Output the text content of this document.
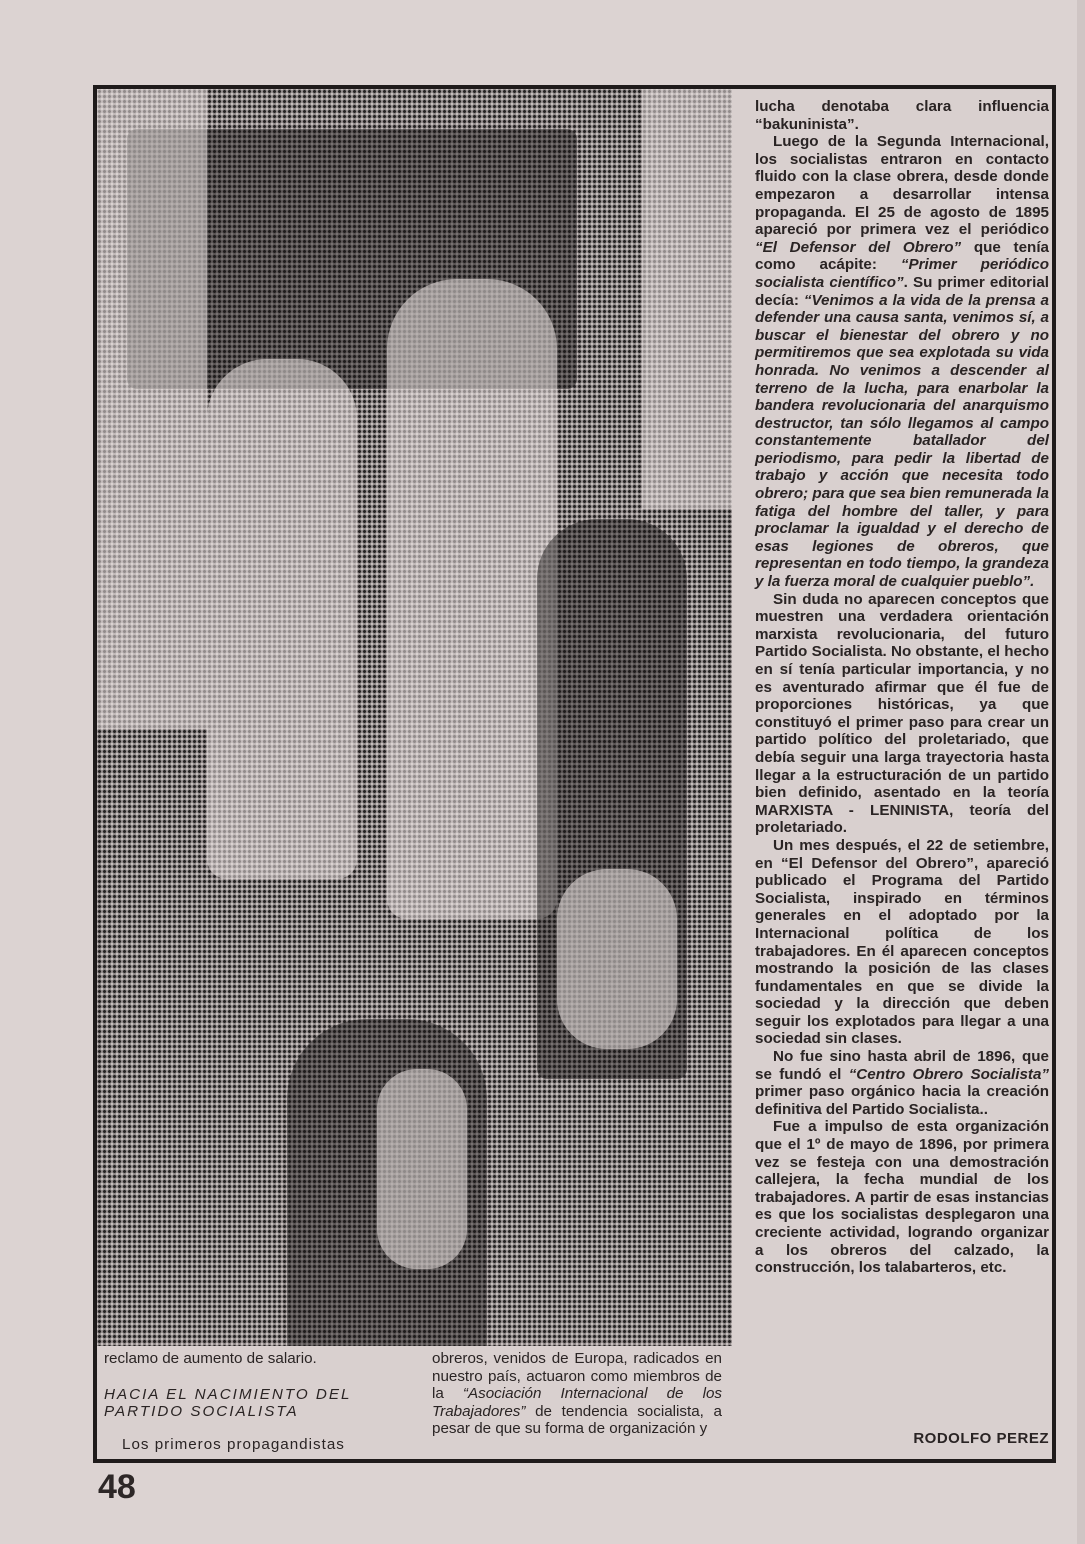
reclamo de aumento de salario.

HACIA EL NACIMIENTO DEL PARTIDO SOCIALISTA

Los primeros propagandistas

obreros, venidos de Europa, radicados en nuestro país, actuaron como miembros de la “Asociación Internacional de los Trabajadores” de tendencia socialista, a pesar de que su forma de organización y

lucha denotaba clara influencia “bakuninista”.

Luego de la Segunda Internacional, los socialistas entraron en contacto fluido con la clase obrera, desde donde empezaron a desarrollar intensa propaganda. El 25 de agosto de 1895 apareció por primera vez el periódico “El Defensor del Obrero” que tenía como acápite: “Primer periódico socialista científico”. Su primer editorial decía: “Venimos a la vida de la prensa a defender una causa santa, venimos sí, a buscar el bienestar del obrero y no permitiremos que sea explotada su vida honrada. No venimos a descender al terreno de la lucha, para enarbolar la bandera revolucionaria del anarquismo destructor, tan sólo llegamos al campo constantemente batallador del periodismo, para pedir la libertad de trabajo y acción que necesita todo obrero; para que sea bien remunerada la fatiga del hombre del taller, y para proclamar la igualdad y el derecho de esas legiones de obreros, que representan en todo tiempo, la grandeza y la fuerza moral de cualquier pueblo”.

Sin duda no aparecen conceptos que muestren una verdadera orientación marxista revolucionaria, del futuro Partido Socialista. No obstante, el hecho en sí tenía particular importancia, y no es aventurado afirmar que él fue de proporciones históricas, ya que constituyó el primer paso para crear un partido político del proletariado, que debía seguir una larga trayectoria hasta llegar a la estructuración de un partido bien definido, asentado en la teoría MARXISTA - LENINISTA, teoría del proletariado.

Un mes después, el 22 de setiembre, en “El Defensor del Obrero”, apareció publicado el Programa del Partido Socialista, inspirado en términos generales en el adoptado por la Internacional política de los trabajadores. En él aparecen conceptos mostrando la posición de las clases fundamentales en que se divide la sociedad y la dirección que deben seguir los explotados para llegar a una sociedad sin clases.

No fue sino hasta abril de 1896, que se fundó el “Centro Obrero Socialista” primer paso orgánico hacia la creación definitiva del Partido Socialista..

Fue a impulso de esta organización que el 1º de mayo de 1896, por primera vez se festeja con una demostración callejera, la fecha mundial de los trabajadores. A partir de esas instancias es que los socialistas desplegaron una creciente actividad, logrando organizar a los obreros del calzado, la construcción, los talabarteros, etc.

RODOLFO PEREZ
48
